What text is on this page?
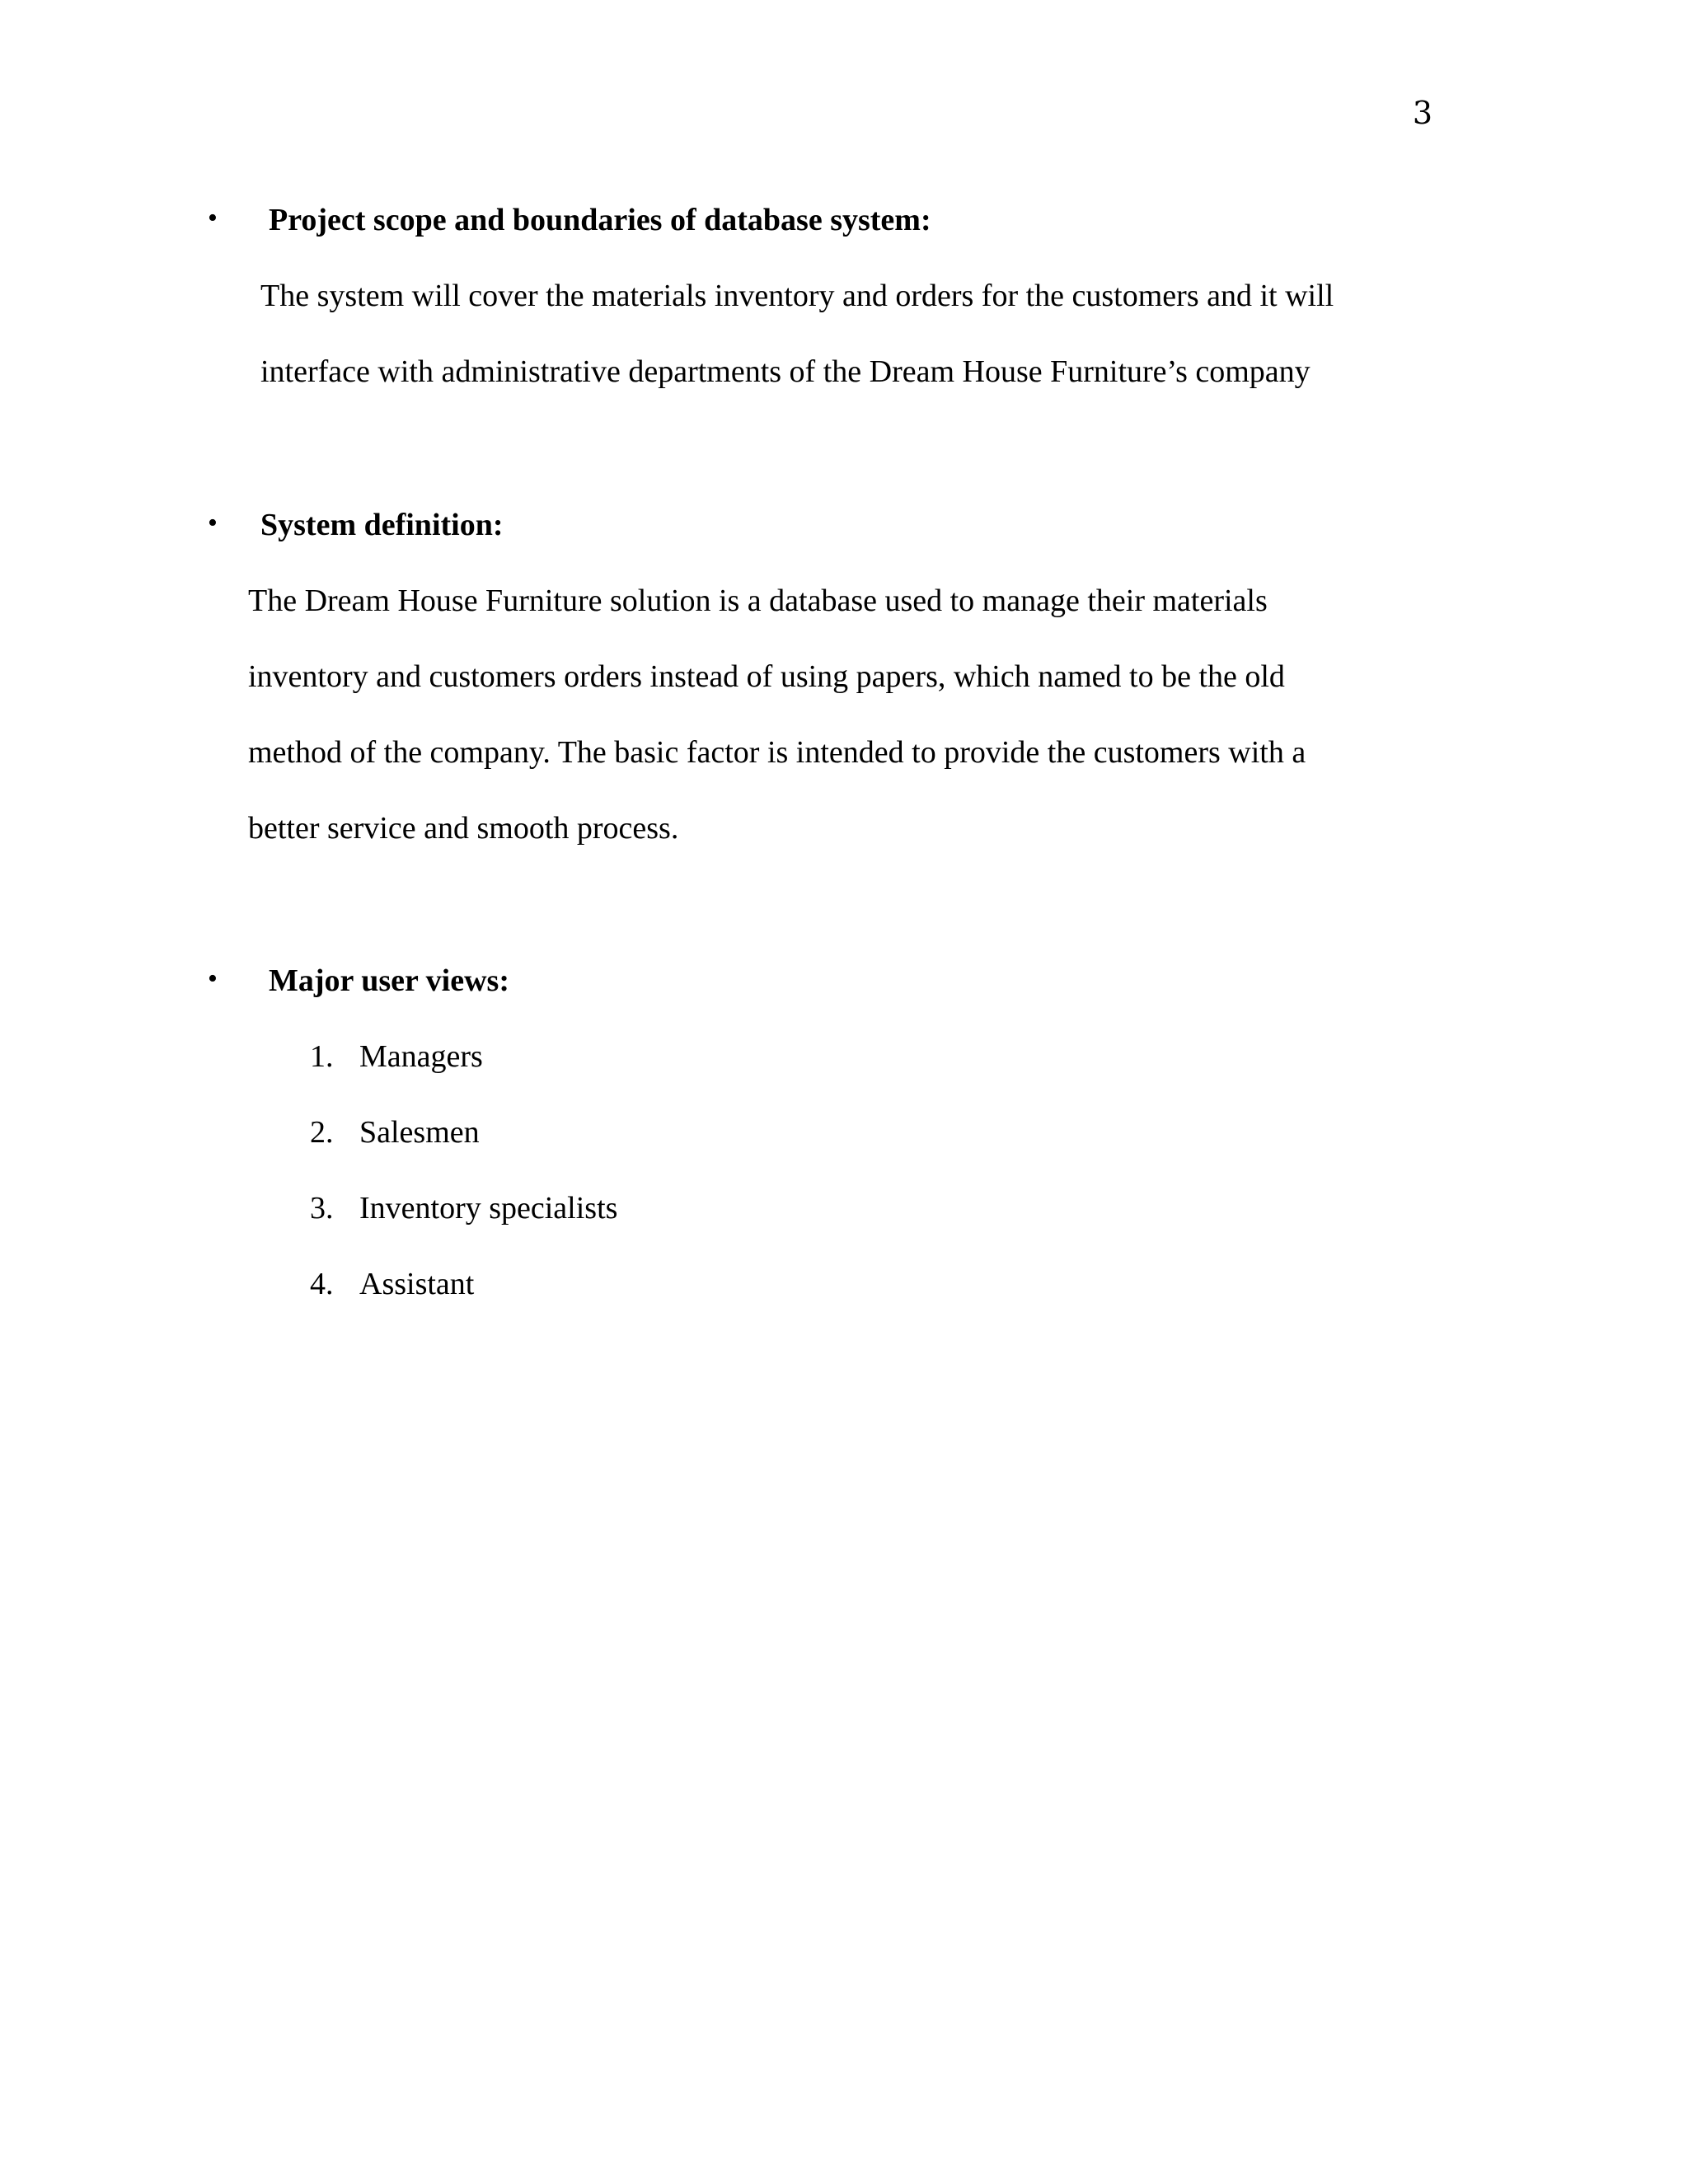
3
• Project scope and boundaries of database system:
The system will cover the materials inventory and orders for the customers and it will
interface with administrative departments of the Dream House Furniture’s company
• System definition:
The Dream House Furniture solution is a database used to manage their materials
inventory and customers orders instead of using papers, which named to be the old
method of the company. The basic factor is intended to provide the customers with a
better service and smooth process.
• Major user views:
1. Managers
2. Salesmen
3. Inventory specialists
4. Assistant
